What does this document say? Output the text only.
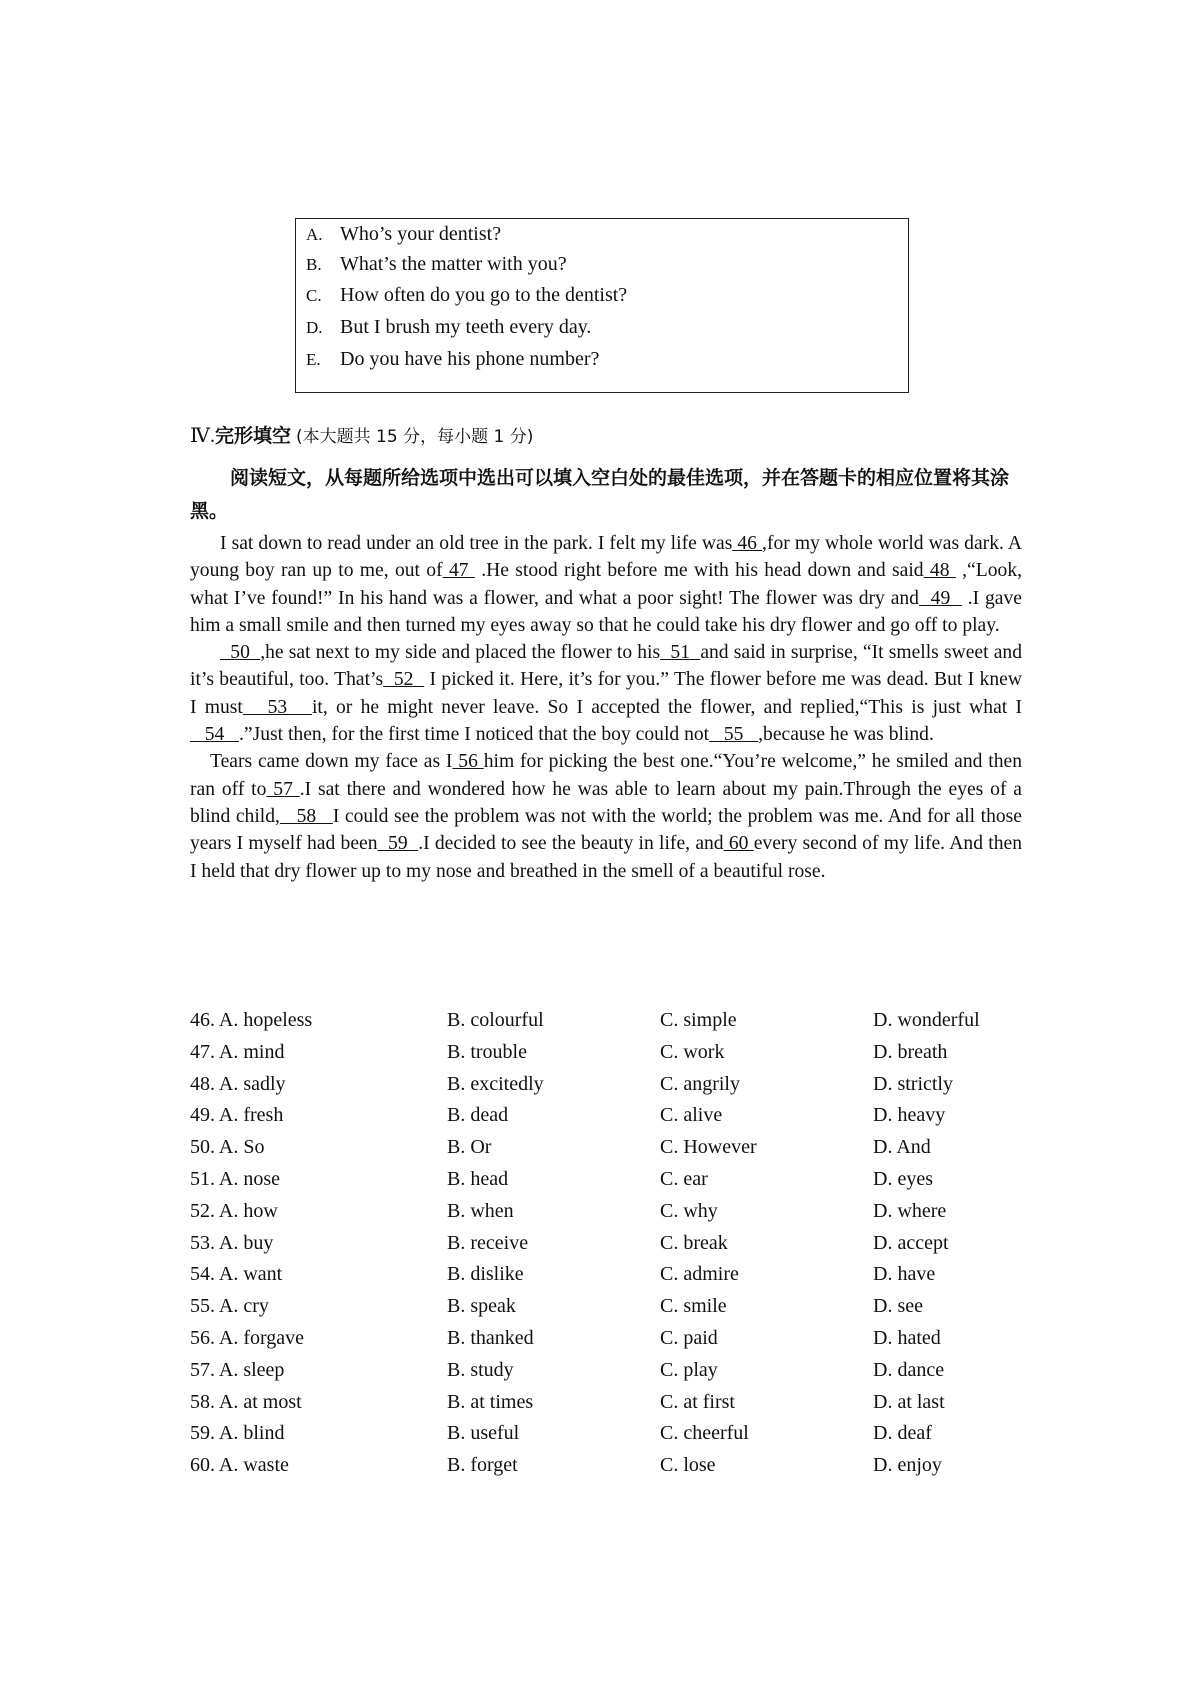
A. Who’s your dentist?
B. What’s the matter with you?
C. How often do you go to the dentist?
D. But I brush my teeth every day.
E. Do you have his phone number?
Ⅳ.完形填空 (本大题共 15 分，每小题 1 分)

阅读短文，从每题所给选项中选出可以填入空白处的最佳选项，并在答题卡的相应位置将其涂黑。

I sat down to read under an old tree in the park. I felt my life was 46 ,for my whole world was dark. A young boy ran up to me, out of 47  .He stood right before me with his head down and said 48  ,“Look, what I’ve found!” In his hand was a flower, and what a poor sight! The flower was dry and  49   .I gave him a small smile and then turned my eyes away so that he could take his dry flower and go off to play.

50  ,he sat next to my side and placed the flower to his  51  and said in surprise, “It smells sweet and it’s beautiful, too. That’s  52   I picked it. Here, it’s for you.” The flower before me was dead. But I knew I must   53   it, or he might never leave. So I accepted the flower, and replied,“This is just what I   54   .”Just then, for the first time I noticed that the boy could not   55   ,because he was blind.

Tears came down my face as I 56 him for picking the best one.“You’re welcome,” he smiled and then ran off to 57 .I sat there and wondered how he was able to learn about my pain.Through the eyes of a blind child,   58   I could see the problem was not with the world; the problem was me. And for all those years I myself had been  59  .I decided to see the beauty in life, and 60 every second of my life. And then I held that dry flower up to my nose and breathed in the smell of a beautiful rose.

46. A. hopeless	B. colourful	C. simple	D. wonderful
47. A. mind	B. trouble	C. work	D. breath
48. A. sadly	B. excitedly	C. angrily	D. strictly
49. A. fresh	B. dead	C. alive	D. heavy
50. A. So	B. Or	C. However	D. And
51. A. nose	B. head	C. ear	D. eyes
52. A. how	B. when	C. why	D. where
53. A. buy	B. receive	C. break	D. accept
54. A. want	B. dislike	C. admire	D. have
55. A. cry	B. speak	C. smile	D. see
56. A. forgave	B. thanked	C. paid	D. hated
57. A. sleep	B. study	C. play	D. dance
58. A. at most	B. at times	C. at first	D. at last
59. A. blind	B. useful	C. cheerful	D. deaf
60. A. waste	B. forget	C. lose	D. enjoy
